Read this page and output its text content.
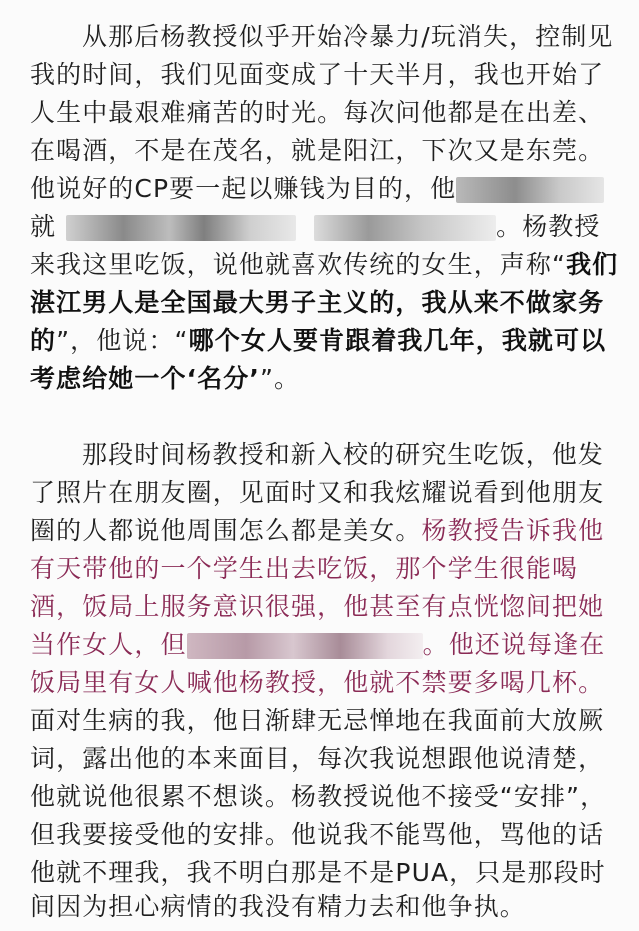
从那后杨教授似乎开始冷暴力/玩消失，控制见
我的时间，我们见面变成了十天半月，我也开始了
人生中最艰难痛苦的时光。每次问他都是在出差、
在喝酒，不是在茂名，就是阳江，下次又是东莞。
他说好的CP要一起以赚钱为目的，他
就	。杨教授
来我这里吃饭，说他就喜欢传统的女生，声称“我们
湛江男人是全国最大男子主义的，我从来不做家务
的”，他说：“哪个女人要肯跟着我几年，我就可以
考虑给她一个‘名分’”。
那段时间杨教授和新入校的研究生吃饭，他发
了照片在朋友圈，见面时又和我炫耀说看到他朋友
圈的人都说他周围怎么都是美女。杨教授告诉我他
有天带他的一个学生出去吃饭，那个学生很能喝
酒，饭局上服务意识很强，他甚至有点恍惚间把她
当作女人，但	。他还说每逢在
饭局里有女人喊他杨教授，他就不禁要多喝几杯。
面对生病的我，他日渐肆无忌惮地在我面前大放厥
词，露出他的本来面目，每次我说想跟他说清楚，
他就说他很累不想谈。杨教授说他不接受“安排”，
但我要接受他的安排。他说我不能骂他，骂他的话
他就不理我，我不明白那是不是PUA，只是那段时
间因为担心病情的我没有精力去和他争执。
